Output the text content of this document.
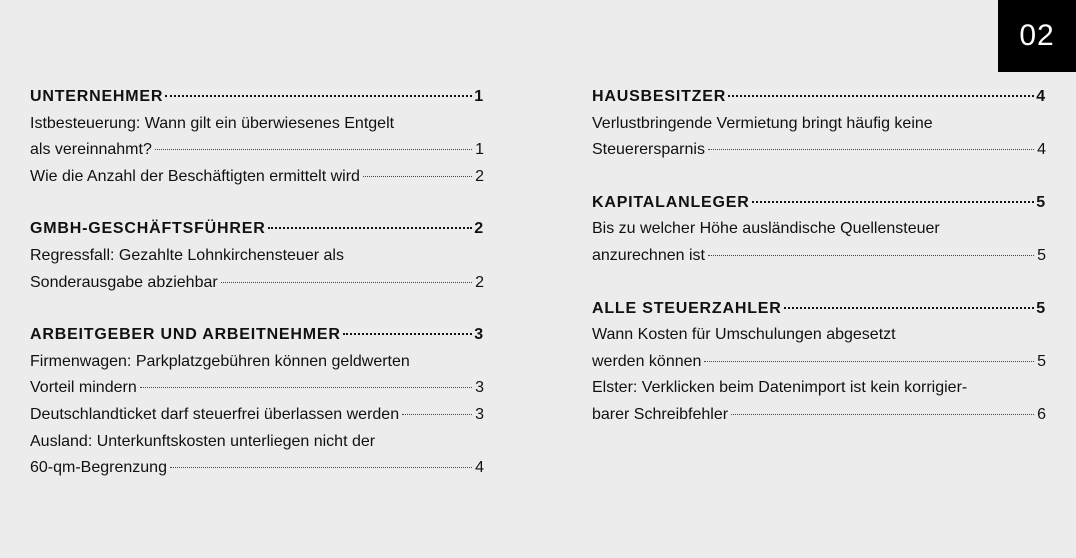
02
UNTERNEHMER	1
Istbesteuerung: Wann gilt ein überwiesenes Entgelt
als vereinnahmt?	1
Wie die Anzahl der Beschäftigten ermittelt wird	2
GMBH-GESCHÄFTSFÜHRER	2
Regressfall: Gezahlte Lohnkirchensteuer als
Sonderausgabe abziehbar	2
ARBEITGEBER UND ARBEITNEHMER	3
Firmenwagen: Parkplatzgebühren können geldwerten
Vorteil mindern	3
Deutschlandticket darf steuerfrei überlassen werden	3
Ausland: Unterkunftskosten unterliegen nicht der
60-qm-Begrenzung	4
HAUSBESITZER	4
Verlustbringende Vermietung bringt häufig keine
Steuerersparnis	4
KAPITALANLEGER	5
Bis zu welcher Höhe ausländische Quellensteuer
anzurechnen ist	5
ALLE STEUERZAHLER	5
Wann Kosten für Umschulungen abgesetzt
werden können	5
Elster: Verklicken beim Datenimport ist kein korrigier-
barer Schreibfehler	6
